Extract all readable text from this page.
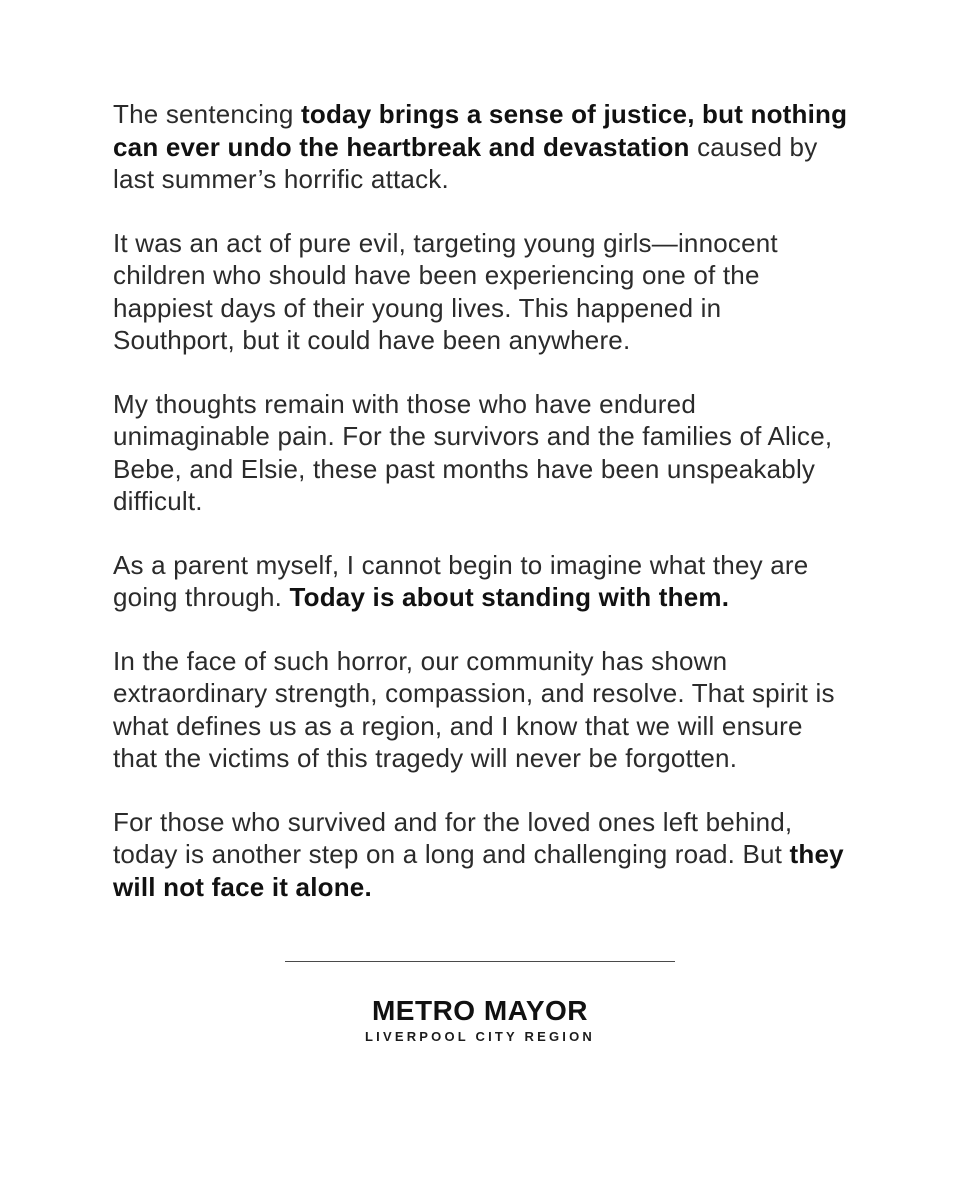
The sentencing today brings a sense of justice, but nothing can ever undo the heartbreak and devastation caused by last summer’s horrific attack.

It was an act of pure evil, targeting young girls—innocent children who should have been experiencing one of the happiest days of their young lives. This happened in Southport, but it could have been anywhere.

My thoughts remain with those who have endured unimaginable pain. For the survivors and the families of Alice, Bebe, and Elsie, these past months have been unspeakably difficult.

As a parent myself, I cannot begin to imagine what they are going through. Today is about standing with them.

In the face of such horror, our community has shown extraordinary strength, compassion, and resolve. That spirit is what defines us as a region, and I know that we will ensure that the victims of this tragedy will never be forgotten.

For those who survived and for the loved ones left behind, today is another step on a long and challenging road. But they will not face it alone.

METRO MAYOR
LIVERPOOL CITY REGION
